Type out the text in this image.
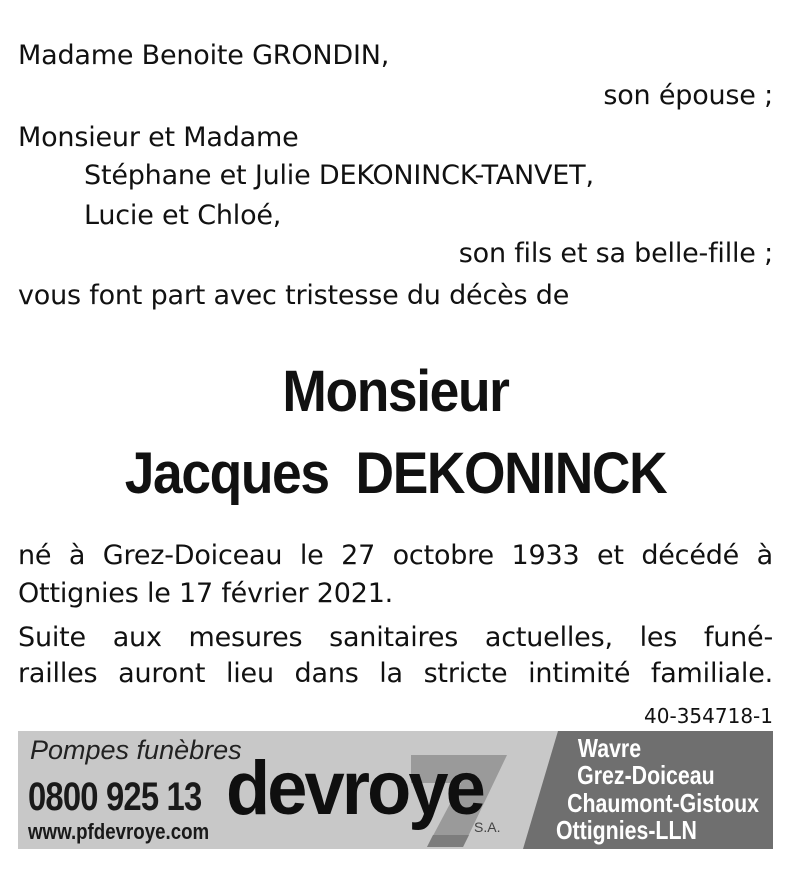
Madame Benoite GRONDIN,
son épouse ;
Monsieur et Madame
Stéphane et Julie DEKONINCK-TANVET,
Lucie et Chloé,
son fils et sa belle-fille ;
vous font part avec tristesse du décès de
Monsieur
Jacques  DEKONINCK
né à Grez-Doiceau le 27 octobre 1933 et décédé à
Ottignies le 17 février 2021.
Suite aux mesures sanitaires actuelles, les funé-
railles auront lieu dans la stricte intimité familiale.
40-354718-1
Pompes funèbres
0800 925 13
www.pfdevroye.com
devroye
S.A.
Wavre
Grez-Doiceau
Chaumont-Gistoux
Ottignies-LLN
